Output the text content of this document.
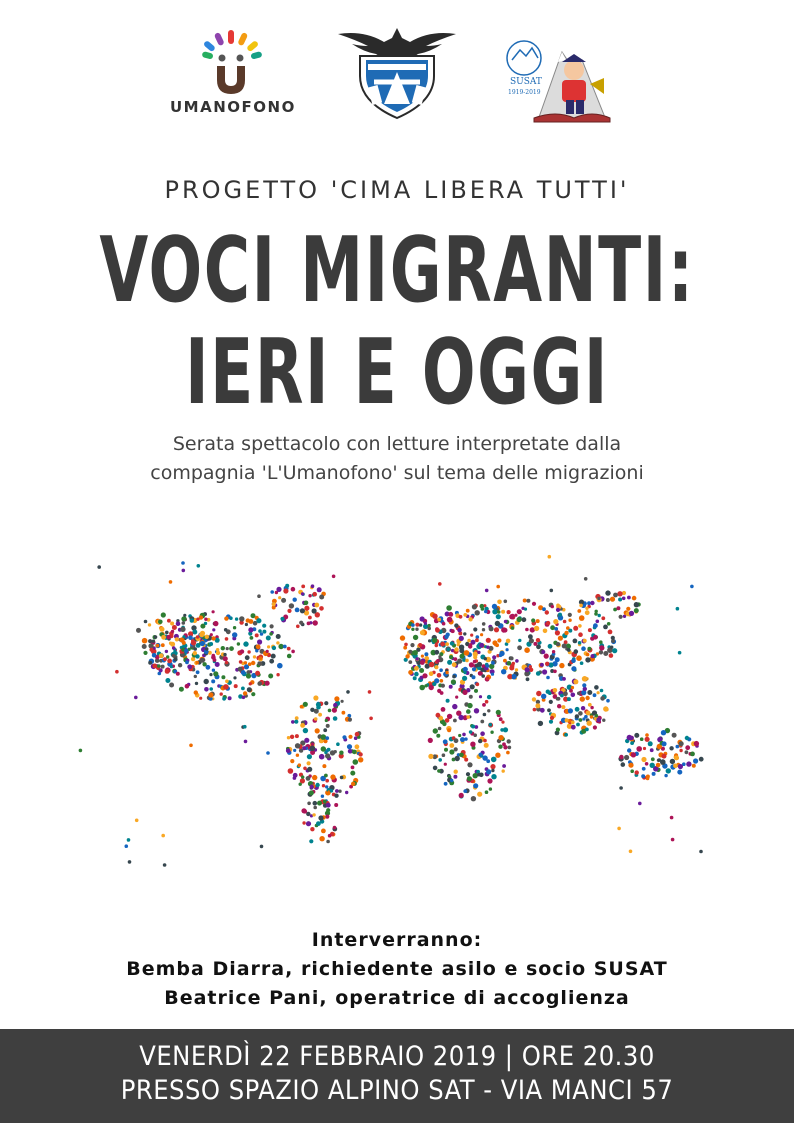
UMANOFONO
SUSAT
1919-2019
PROGETTO 'CIMA LIBERA TUTTI'
VOCI MIGRANTI:
IERI E OGGI
Serata spettacolo con letture interpretate dalla
compagnia 'L'Umanofono' sul tema delle migrazioni
Interverranno:
Bemba Diarra, richiedente asilo e socio SUSAT
Beatrice Pani, operatrice di accoglienza
VENERDÌ 22 FEBBRAIO 2019 | ORE 20.30
PRESSO SPAZIO ALPINO SAT - VIA MANCI 57
